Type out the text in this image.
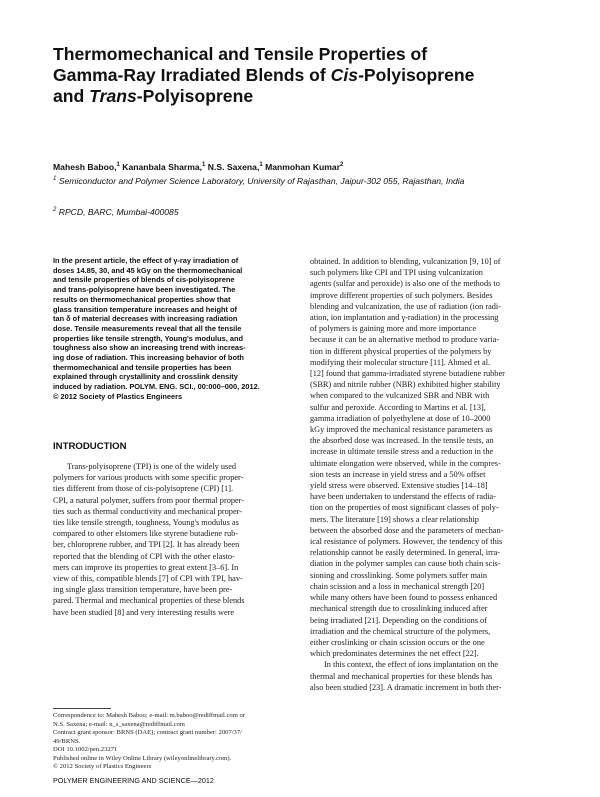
Thermomechanical and Tensile Properties of
Gamma-Ray Irradiated Blends of Cis-Polyisoprene
and Trans-Polyisoprene
Mahesh Baboo,$^1$ Kananbala Sharma,$^1$ N.S. Saxena,$^1$ Manmohan Kumar$^2$
$^1$ Semiconductor and Polymer Science Laboratory, University of Rajasthan, Jaipur-302 055, Rajasthan, India
$^2$ RPCD, BARC, Mumbai-400085
In the present article, the effect of γ-ray irradiation of
doses 14.85, 30, and 45 kGy on the thermomechanical
and tensile properties of blends of cis-polyisoprene
and trans-polyisoprene have been investigated. The
results on thermomechanical properties show that
glass transition temperature increases and height of
tan δ of material decreases with increasing radiation
dose. Tensile measurements reveal that all the tensile
properties like tensile strength, Young's modulus, and
toughness also show an increasing trend with increas-
ing dose of radiation. This increasing behavior of both
thermomechanical and tensile properties has been
explained through crystallinity and crosslink density
induced by radiation. POLYM. ENG. SCI., 00:000–000, 2012.
© 2012 Society of Plastics Engineers
INTRODUCTION
Trans-polyisoprene (TPI) is one of the widely used
polymers for various products with some specific proper-
ties different from those of cis-polyisoprene (CPI) [1].
CPI, a natural polymer, suffers from poor thermal proper-
ties such as thermal conductivity and mechanical proper-
ties like tensile strength, toughness, Young's modulus as
compared to other elstomers like styrene butadiene rub-
ber, chloroprene rubber, and TPI [2]. It has already been
reported that the blending of CPI with the other elasto-
mers can improve its properties to great extent [3–6]. In
view of this, compatible blends [7] of CPI with TPI, hav-
ing single glass transition temperature, have been pre-
pared. Thermal and mechanical properties of these blends
have been studied [8] and very interesting results were
obtained. In addition to blending, vulcanization [9, 10] of
such polymers like CPI and TPI using vulcanization
agents (sulfar and peroxide) is also one of the methods to
improve different properties of such polymers. Besides
blending and vulcanization, the use of radiation (ion radi-
ation, ion implantation and γ-radiation) in the processing
of polymers is gaining more and more importance
because it can be an alternative method to produce varia-
tion in different physical properties of the polymers by
modifying their molecular structure [11]. Ahmed et al.
[12] found that gamma-irradiated styrene butadiene rubber
(SBR) and nitrile rubber (NBR) exhibited higher stability
when compared to the vulcanized SBR and NBR with
sulfur and peroxide. According to Martins et al. [13],
gamma irradiation of polyethylene at dose of 10–2000
kGy improved the mechanical resistance parameters as
the absorbed dose was increased. In the tensile tests, an
increase in ultimate tensile stress and a reduction in the
ultimate elongation were observed, while in the compres-
sion tests an increase in yield stress and a 50% offset
yield stress were observed. Extensive studies [14–18]
have been undertaken to understand the effects of radia-
tion on the properties of most significant classes of poly-
mers. The literature [19] shows a clear relationship
between the absorbed dose and the parameters of mechan-
ical resistance of polymers. However, the tendency of this
relationship cannot be easily determined. In general, irra-
diation in the polymer samples can cause both chain scis-
sioning and crosslinking. Some polymers suffer main
chain scission and a loss in mechanical strength [20]
while many others have been found to possess enhanced
mechanical strength due to crosslinking induced after
being irradiated [21]. Depending on the conditions of
irradiation and the chemical structure of the polymers,
either croslinking or chain scission occurs or the one
which predominates determines the net effect [22].
In this context, the effect of ions implantation on the
thermal and mechanical properties for these blends has
also been studied [23]. A dramatic increment in both ther-
Correspondence to: Mahesh Baboo; e-mail: m.baboo@rediffmail.com or
N.S. Saxena; e-mail: n_s_saxena@rediffmail.com
Contract grant sponsor: BRNS (DAE); contract grant number: 2007/37/
49/BRNS.
DOI 10.1002/pen.23271
Published online in Wiley Online Library (wileyonlinelibrary.com).
© 2012 Society of Plastics Engineers
POLYMER ENGINEERING AND SCIENCE—2012
